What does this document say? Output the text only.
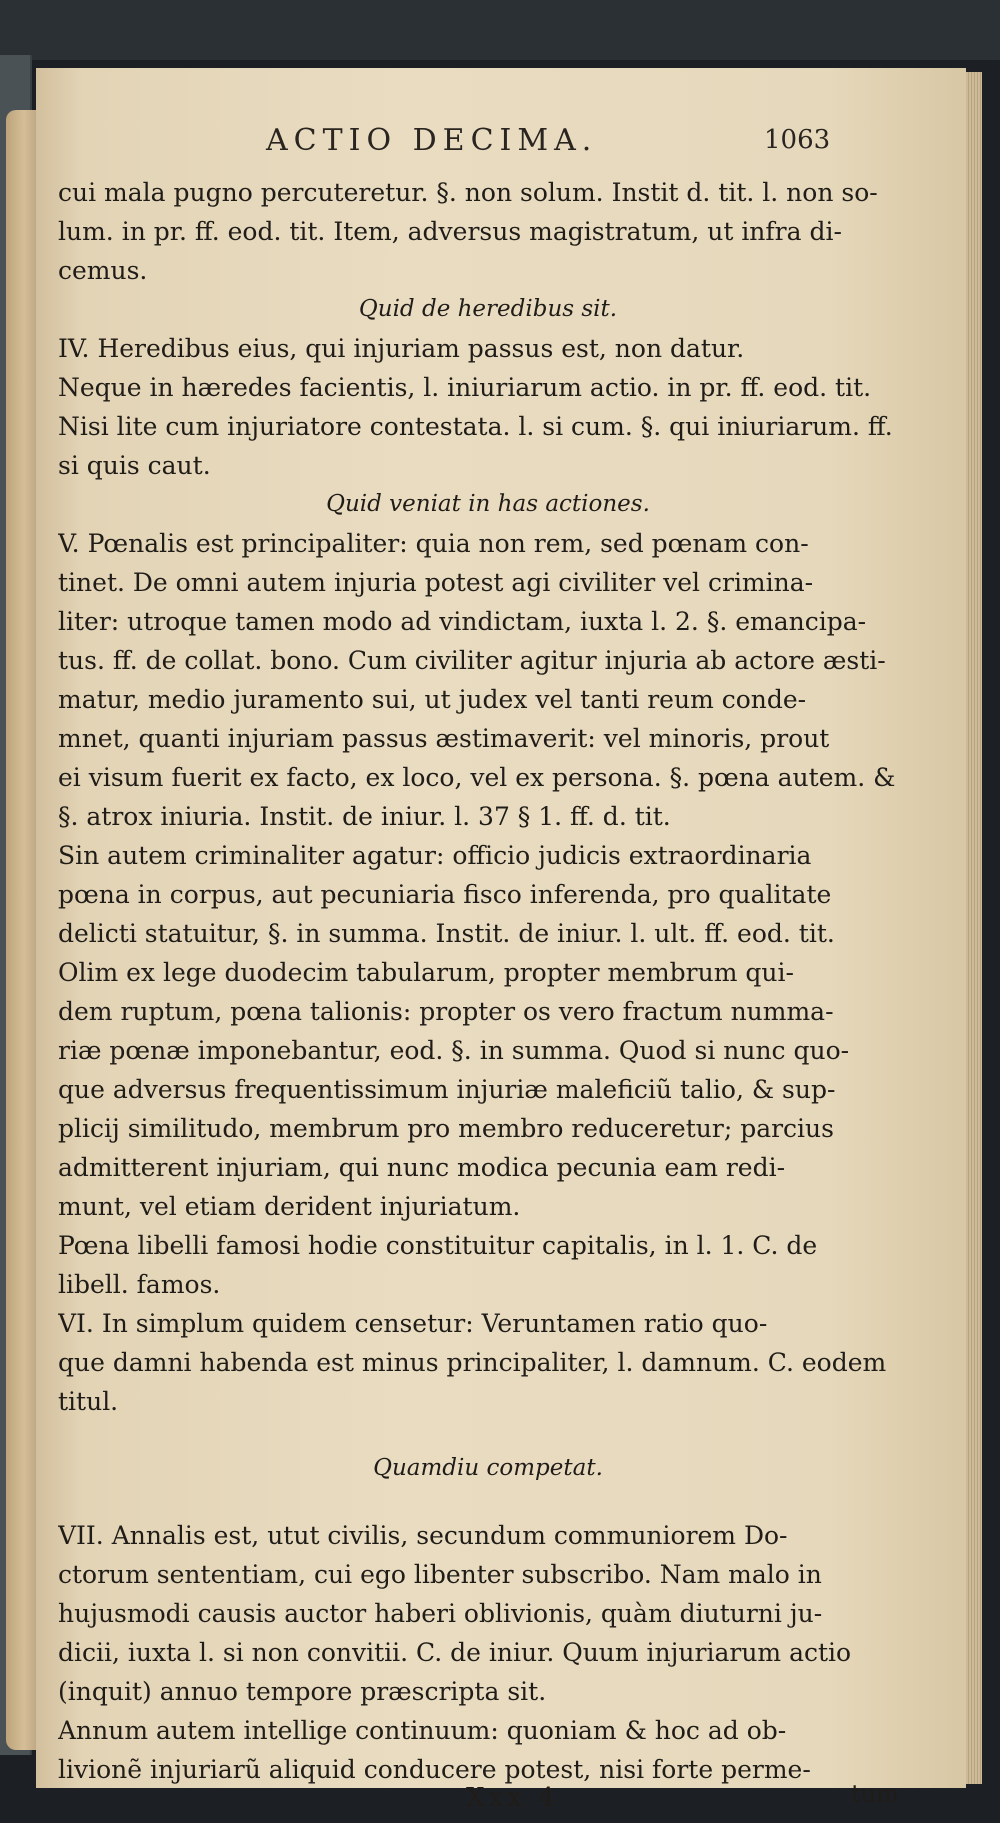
ACTIO DECIMA.	1063
cui mala pugno percuteretur. §. non solum. Instit d. tit. l. non so-
lum. in pr. ff. eod. tit. Item, adversus magistratum, ut infra di-
cemus.
Quid de heredibus sit.
IV. Heredibus eius, qui injuriam passus est, non datur.
Neque in hæredes facientis, l. iniuriarum actio. in pr. ff. eod. tit.
Nisi lite cum injuriatore contestata. l. si cum. §. qui iniuriarum. ff.
si quis caut.
Quid veniat in has actiones.
V. Pœnalis est principaliter: quia non rem, sed pœnam con-
tinet. De omni autem injuria potest agi civiliter vel crimina-
liter: utroque tamen modo ad vindictam, iuxta l. 2. §. emancipa-
tus. ff. de collat. bono. Cum civiliter agitur injuria ab actore æsti-
matur, medio juramento sui, ut judex vel tanti reum conde-
mnet, quanti injuriam passus æstimaverit: vel minoris, prout
ei visum fuerit ex facto, ex loco, vel ex persona. §. pœna autem. &
§. atrox iniuria. Instit. de iniur. l. 37 § 1. ff. d. tit.
Sin autem criminaliter agatur: officio judicis extraordinaria
pœna in corpus, aut pecuniaria fisco inferenda, pro qualitate
delicti statuitur, §. in summa. Instit. de iniur. l. ult. ff. eod. tit.
Olim ex lege duodecim tabularum, propter membrum qui-
dem ruptum, pœna talionis: propter os vero fractum numma-
riæ pœnæ imponebantur, eod. §. in summa. Quod si nunc quo-
que adversus frequentissimum injuriæ maleficiũ talio, & sup-
plicij similitudo, membrum pro membro reduceretur; parcius
admitterent injuriam, qui nunc modica pecunia eam redi-
munt, vel etiam derident injuriatum.
Pœna libelli famosi hodie constituitur capitalis, in l. 1. C. de
libell. famos.
VI. In simplum quidem censetur: Veruntamen ratio quo-
que damni habenda est minus principaliter, l. damnum. C. eodem
titul.
Quamdiu competat.
VII. Annalis est, utut civilis, secundum communiorem Do-
ctorum sententiam, cui ego libenter subscribo. Nam malo in
hujusmodi causis auctor haberi oblivionis, quàm diuturni ju-
dicii, iuxta l. si non convitii. C. de iniur. Quum injuriarum actio
(inquit) annuo tempore præscripta sit.
Annum autem intellige continuum: quoniam & hoc ad ob-
livionẽ injuriarũ aliquid conducere potest, nisi forte perme-
Xxx 4	tum
